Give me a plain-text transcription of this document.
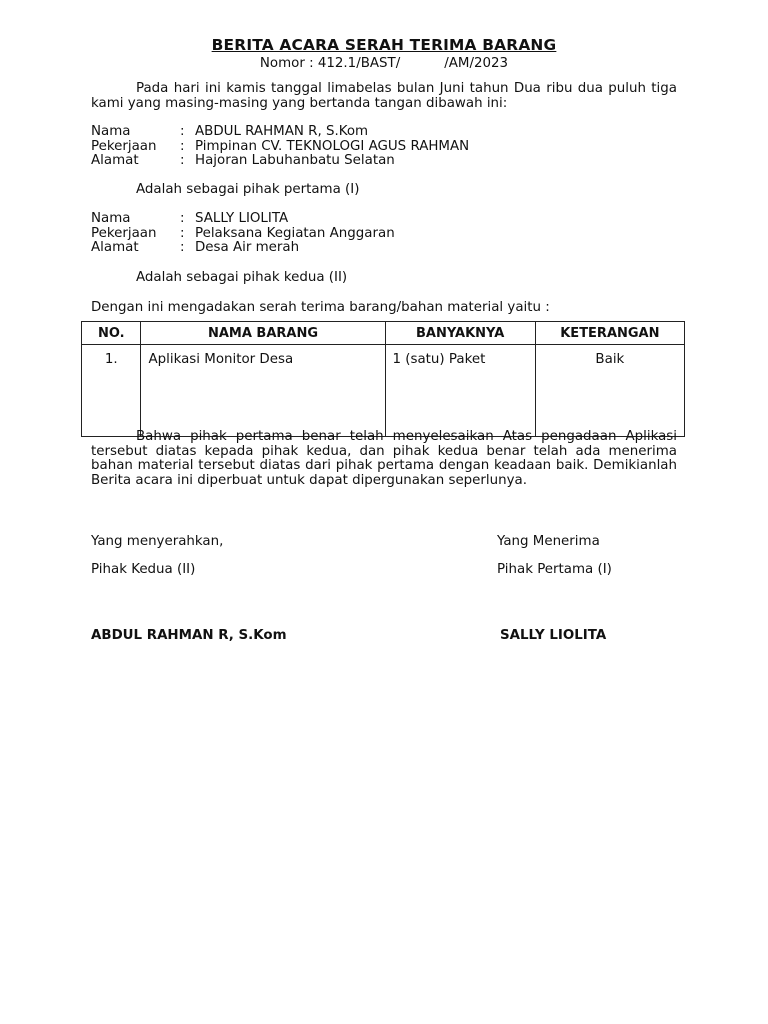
BERITA ACARA SERAH TERIMA BARANG

Nomor : 412.1/BAST/	/AM/2023

Pada hari ini kamis tanggal limabelas bulan Juni tahun Dua ribu dua puluh tiga kami yang masing-masing yang bertanda tangan dibawah ini:

Nama	: ABDUL RAHMAN R, S.Kom
Pekerjaan	: Pimpinan CV. TEKNOLOGI AGUS RAHMAN
Alamat	: Hajoran Labuhanbatu Selatan
Adalah sebagai pihak pertama (I)
Nama	: SALLY LIOLITA
Pekerjaan	: Pelaksana Kegiatan Anggaran
Alamat	: Desa Air merah
Adalah sebagai pihak kedua (II)
Dengan ini mengadakan serah terima barang/bahan material yaitu :
NO.	NAMA BARANG	BANYAKNYA	KETERANGAN
1.	Aplikasi Monitor Desa	1 (satu) Paket	Baik

Bahwa pihak pertama benar telah menyelesaikan Atas pengadaan Aplikasi tersebut diatas kepada pihak kedua, dan pihak kedua benar telah ada menerima bahan material tersebut diatas dari pihak pertama dengan keadaan baik. Demikianlah Berita acara ini diperbuat untuk dapat dipergunakan seperlunya.

Yang menyerahkan,
Pihak Kedua (II)
ABDUL RAHMAN R, S.Kom
Yang Menerima
Pihak Pertama (I)
SALLY LIOLITA
